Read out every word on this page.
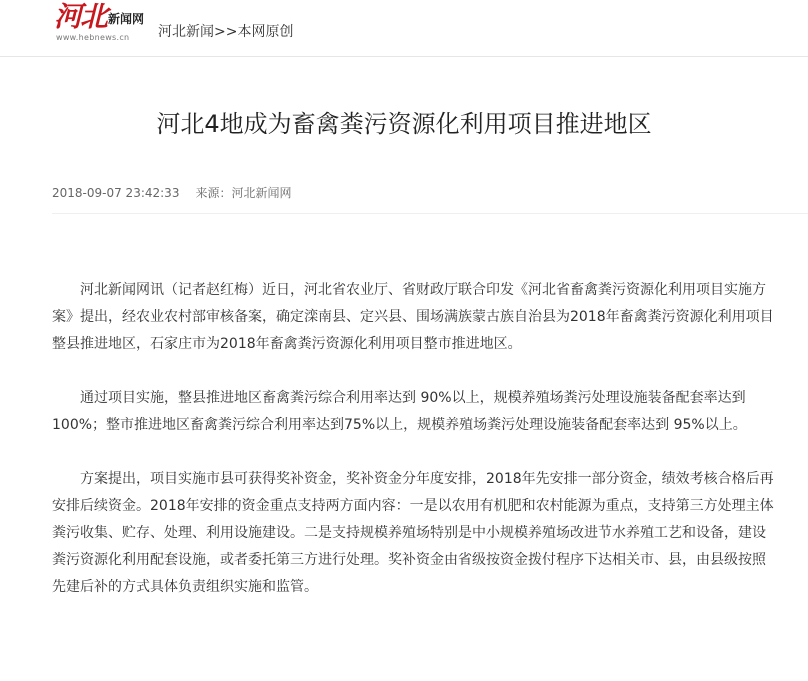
河北 新闻网
www.hebnews.cn 河北新闻>>本网原创
河北4地成为畜禽粪污资源化利用项目推进地区
2018-09-07 23:42:33 来源：河北新闻网

河北新闻网讯（记者赵红梅）近日，河北省农业厅、省财政厅联合印发《河北省畜禽粪污资源化利用项目实施方案》提出，经农业农村部审核备案，确定滦南县、定兴县、围场满族蒙古族自治县为2018年畜禽粪污资源化利用项目整县推进地区，石家庄市为2018年畜禽粪污资源化利用项目整市推进地区。

通过项目实施，整县推进地区畜禽粪污综合利用率达到 90%以上，规模养殖场粪污处理设施装备配套率达到100%；整市推进地区畜禽粪污综合利用率达到75%以上，规模养殖场粪污处理设施装备配套率达到 95%以上。

方案提出，项目实施市县可获得奖补资金，奖补资金分年度安排，2018年先安排一部分资金，绩效考核合格后再安排后续资金。2018年安排的资金重点支持两方面内容：一是以农用有机肥和农村能源为重点，支持第三方处理主体粪污收集、贮存、处理、利用设施建设。二是支持规模养殖场特别是中小规模养殖场改进节水养殖工艺和设备，建设粪污资源化利用配套设施，或者委托第三方进行处理。奖补资金由省级按资金拨付程序下达相关市、县，由县级按照先建后补的方式具体负责组织实施和监管。
